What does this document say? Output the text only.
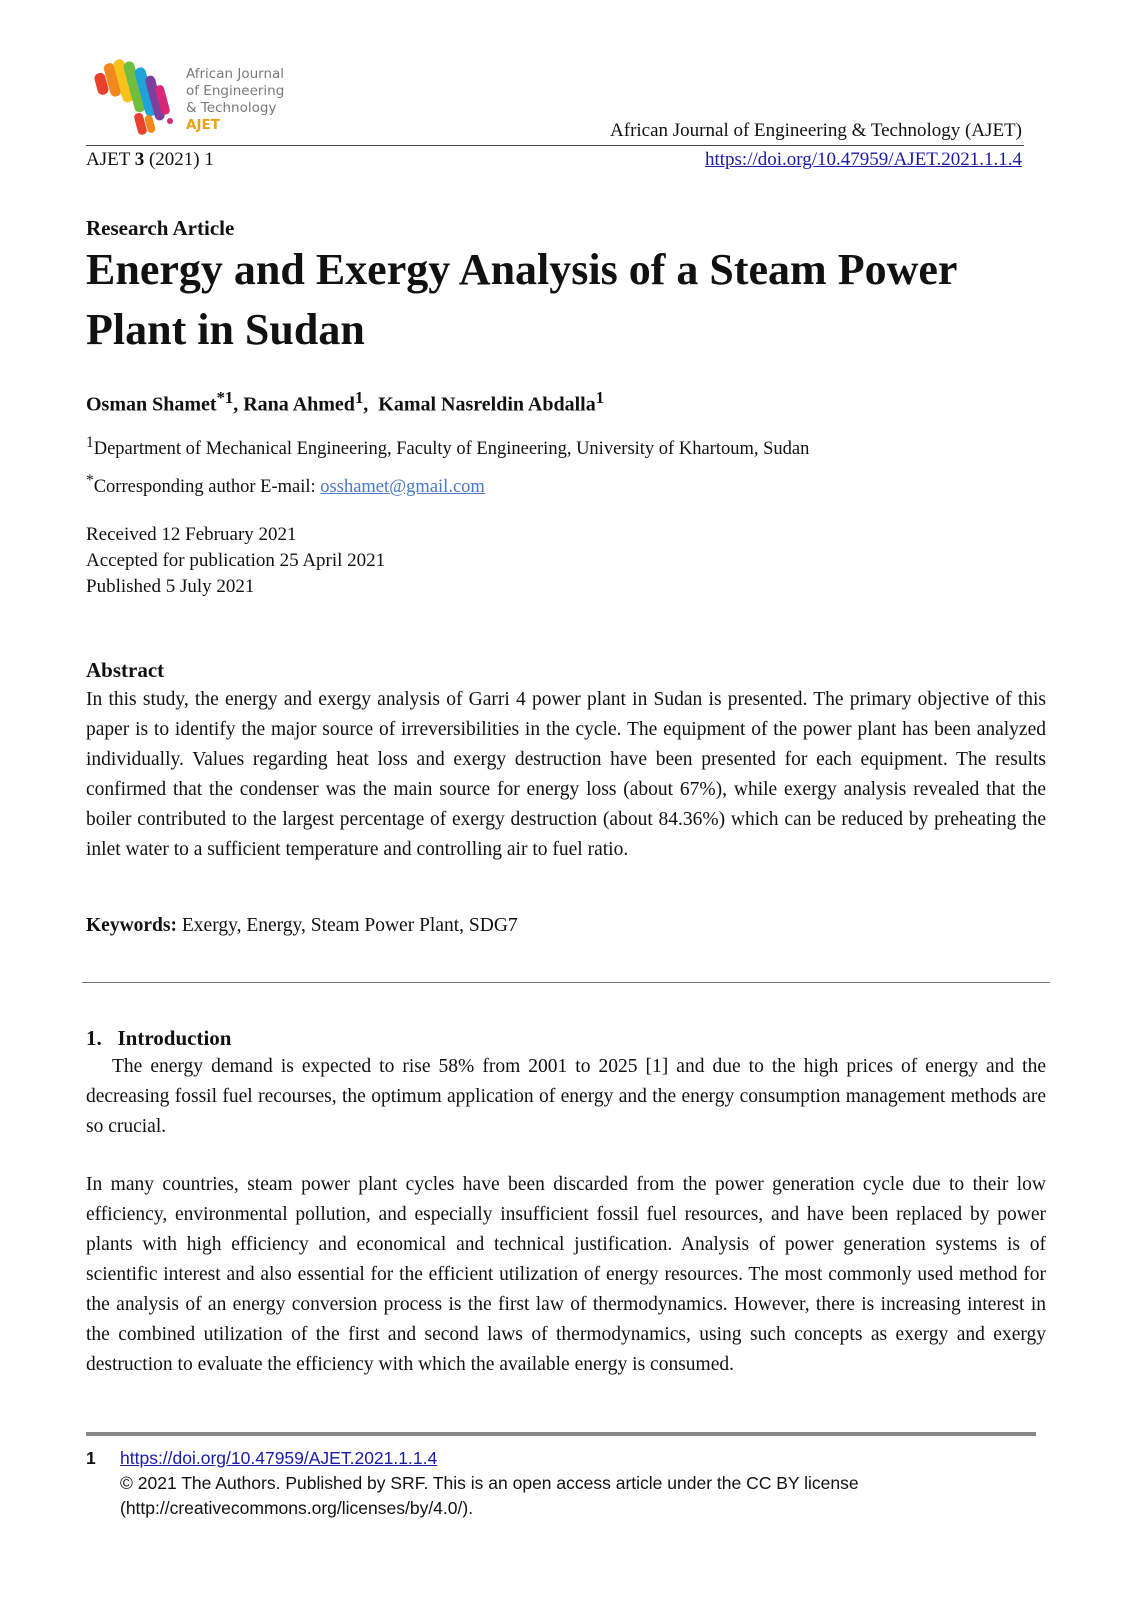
African Journal
of Engineering
& Technology
AJET	African Journal of Engineering & Technology (AJET)
AJET 3 (2021) 1	https://doi.org/10.47959/AJET.2021.1.1.4
Research Article
Energy and Exergy Analysis of a Steam Power Plant in Sudan
Osman Shamet$^{*1}$, Rana Ahmed$^1$,  Kamal Nasreldin Abdalla$^1$
$^1$Department of Mechanical Engineering, Faculty of Engineering, University of Khartoum, Sudan
*Corresponding author E-mail: osshamet@gmail.com
Received 12 February 2021
Accepted for publication 25 April 2021
Published 5 July 2021
Abstract
In this study, the energy and exergy analysis of Garri 4 power plant in Sudan is presented. The primary objective of this paper is to identify the major source of irreversibilities in the cycle. The equipment of the power plant has been analyzed individually. Values regarding heat loss and exergy destruction have been presented for each equipment. The results confirmed that the condenser was the main source for energy loss (about 67%), while exergy analysis revealed that the boiler contributed to the largest percentage of exergy destruction (about 84.36%) which can be reduced by preheating the inlet water to a sufficient temperature and controlling air to fuel ratio.
Keywords: Exergy, Energy, Steam Power Plant, SDG7
1.   Introduction
The energy demand is expected to rise 58% from 2001 to 2025 [1] and due to the high prices of energy and the decreasing fossil fuel recourses, the optimum application of energy and the energy consumption management methods are so crucial.
In many countries, steam power plant cycles have been discarded from the power generation cycle due to their low efficiency, environmental pollution, and especially insufficient fossil fuel resources, and have been replaced by power plants with high efficiency and economical and technical justification. Analysis of power generation systems is of scientific interest and also essential for the efficient utilization of energy resources. The most commonly used method for the analysis of an energy conversion process is the first law of thermodynamics. However, there is increasing interest in the combined utilization of the first and second laws of thermodynamics, using such concepts as exergy and exergy destruction to evaluate the efficiency with which the available energy is consumed.
1 https://doi.org/10.47959/AJET.2021.1.1.4
© 2021 The Authors. Published by SRF. This is an open access article under the CC BY license (http://creativecommons.org/licenses/by/4.0/).
